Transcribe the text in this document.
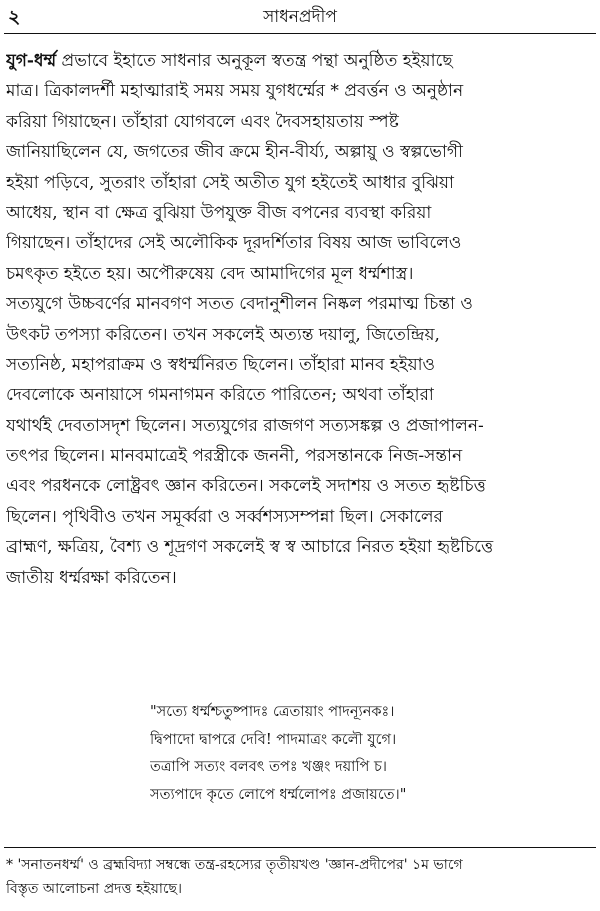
২	সাধনপ্রদীপ
যুগ-ধর্ম্ম প্রভাবে ইহাতে সাধনার অনুকূল স্বতন্ত্র পন্থা অনুষ্ঠিত হইয়াছে
মাত্র। ত্রিকালদর্শী মহাত্মারাই সময় সময় যুগধর্ম্মের * প্রবর্ত্তন ও অনুষ্ঠান
করিয়া গিয়াছেন। তাঁহারা যোগবলে এবং দৈবসহায়তায় স্পষ্ট
জানিয়াছিলেন যে, জগতের জীব ক্রমে হীন-বীর্য্য, অল্পায়ু ও স্বল্পভোগী
হইয়া পড়িবে, সুতরাং তাঁহারা সেই অতীত যুগ হইতেই আধার বুঝিয়া
আধেয়, স্থান বা ক্ষেত্র বুঝিয়া উপযুক্ত বীজ বপনের ব্যবস্থা করিয়া
গিয়াছেন। তাঁহাদের সেই অলৌকিক দূরদর্শিতার বিষয় আজ ভাবিলেও
চমৎকৃত হইতে হয়। অপৌরুষেয় বেদ আমাদিগের মূল ধর্ম্মশাস্ত্র।
সত্যযুগে উচ্চবর্ণের মানবগণ সতত বেদানুশীলন নিষ্কল পরমাত্ম চিন্তা ও
উৎকট তপস্যা করিতেন। তখন সকলেই অত্যন্ত দয়ালু, জিতেন্দ্রিয়,
সত্যনিষ্ঠ, মহাপরাক্রম ও স্বধর্ম্মনিরত ছিলেন। তাঁহারা মানব হইয়াও
দেবলোকে অনায়াসে গমনাগমন করিতে পারিতেন; অথবা তাঁহারা
যথার্থই দেবতাসদৃশ ছিলেন। সত্যযুগের রাজগণ সত্যসঙ্কল্প ও প্রজাপালন-
তৎপর ছিলেন। মানবমাত্রেই পরস্ত্রীকে জননী, পরসন্তানকে নিজ-সন্তান
এবং পরধনকে লোষ্ট্রবৎ জ্ঞান করিতেন। সকলেই সদাশয় ও সতত হৃষ্টচিত্ত
ছিলেন। পৃথিবীও তখন সমূর্ব্বরা ও সর্ব্বশস্যসম্পন্না ছিল। সেকালের
ব্রাহ্মণ, ক্ষত্রিয়, বৈশ্য ও শূদ্রগণ সকলেই স্ব স্ব আচারে নিরত হইয়া হৃষ্টচিত্তে
জাতীয় ধর্ম্মরক্ষা করিতেন।
"সত্যে ধর্ম্মশ্চতুষ্পাদঃ ত্রেতায়াং পাদন্যূনকঃ।
দ্বিপাদো দ্বাপরে দেবি! পাদমাত্রং কলৌ যুগে।
তত্রাপি সত্যং বলবৎ তপঃ খঞ্জং দয়াপি চ।
সত্যপাদে কৃতে লোপে ধর্ম্মলোপঃ প্রজায়তে।"
* 'সনাতনধর্ম্ম' ও ব্রহ্মবিদ্যা সম্বন্ধে তন্ত্র-রহস্যের তৃতীয়খণ্ড 'জ্ঞান-প্রদীপের' ১ম ভাগে
বিস্তৃত আলোচনা প্রদত্ত হইয়াছে।
